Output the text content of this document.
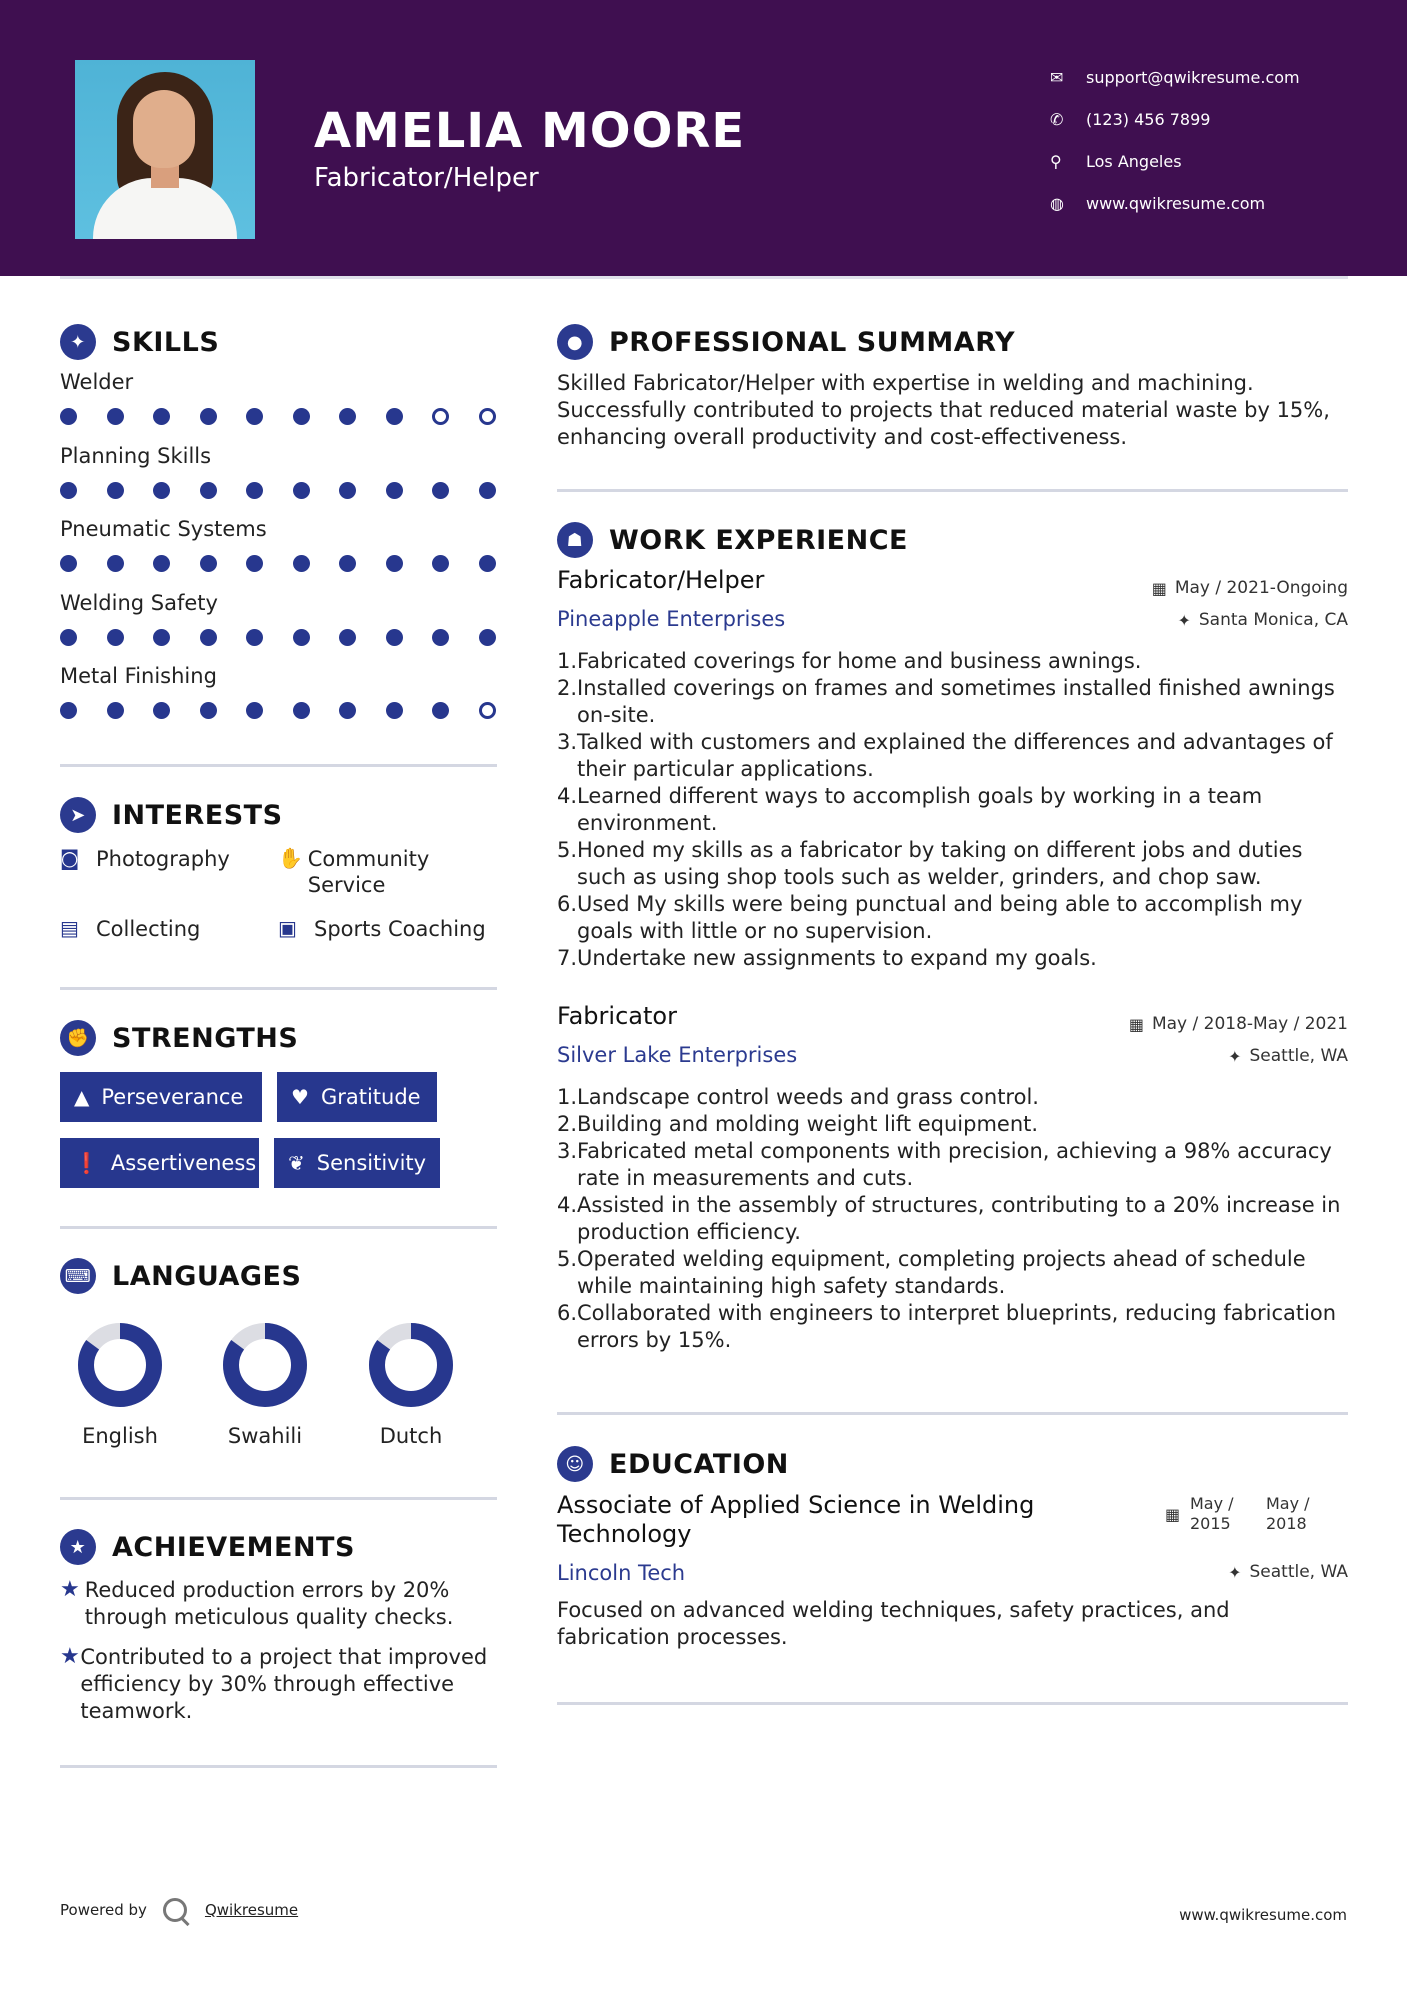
AMELIA MOORE
Fabricator/Helper
✉	support@qwikresume.com
✆	(123) 456 7899
⚲	Los Angeles
◍	www.qwikresume.com
✦ SKILLS
Welder
Planning Skills
Pneumatic Systems
Welding Safety
Metal Finishing
➤ INTERESTS
◙ Photography ✋ Community Service
▤ Collecting	▣ Sports Coaching
✊ STRENGTHS
▲ Perseverance ♥ Gratitude
❗ Assertiveness ❦ Sensitivity
⌨ LANGUAGES
English	Swahili	Dutch
★ ACHIEVEMENTS
★ Reduced production errors by 20% through meticulous quality checks.
★ Contributed to a project that improved efficiency by 30% through effective teamwork.
● PROFESSIONAL SUMMARY

Skilled Fabricator/Helper with expertise in welding and machining. Successfully contributed to projects that reduced material waste by 15%, enhancing overall productivity and cost-effectiveness.

☗ WORK EXPERIENCE
Fabricator/Helper
Pineapple Enterprises
▦ May / 2021-Ongoing
✦ Santa Monica, CA
1. Fabricated coverings for home and business awnings.
2. Installed coverings on frames and sometimes installed finished awnings on-site.
3. Talked with customers and explained the differences and advantages of their particular applications.
4. Learned different ways to accomplish goals by working in a team environment.
5. Honed my skills as a fabricator by taking on different jobs and duties such as using shop tools such as welder, grinders, and chop saw.
6. Used My skills were being punctual and being able to accomplish my goals with little or no supervision.
7. Undertake new assignments to expand my goals.
Fabricator
Silver Lake Enterprises
▦ May / 2018-May / 2021
✦ Seattle, WA
1. Landscape control weeds and grass control.
2. Building and molding weight lift equipment.
3. Fabricated metal components with precision, achieving a 98% accuracy rate in measurements and cuts.
4. Assisted in the assembly of structures, contributing to a 20% increase in production efficiency.
5. Operated welding equipment, completing projects ahead of schedule while maintaining high safety standards.
6. Collaborated with engineers to interpret blueprints, reducing fabrication errors by 15%.
☺ EDUCATION
Associate of Applied Science in Welding Technology
Lincoln Tech
▦
May /
2015
May /
2018
✦ Seattle, WA

Focused on advanced welding techniques, safety practices, and fabrication processes.

Powered by	Qwikresume	www.qwikresume.com
